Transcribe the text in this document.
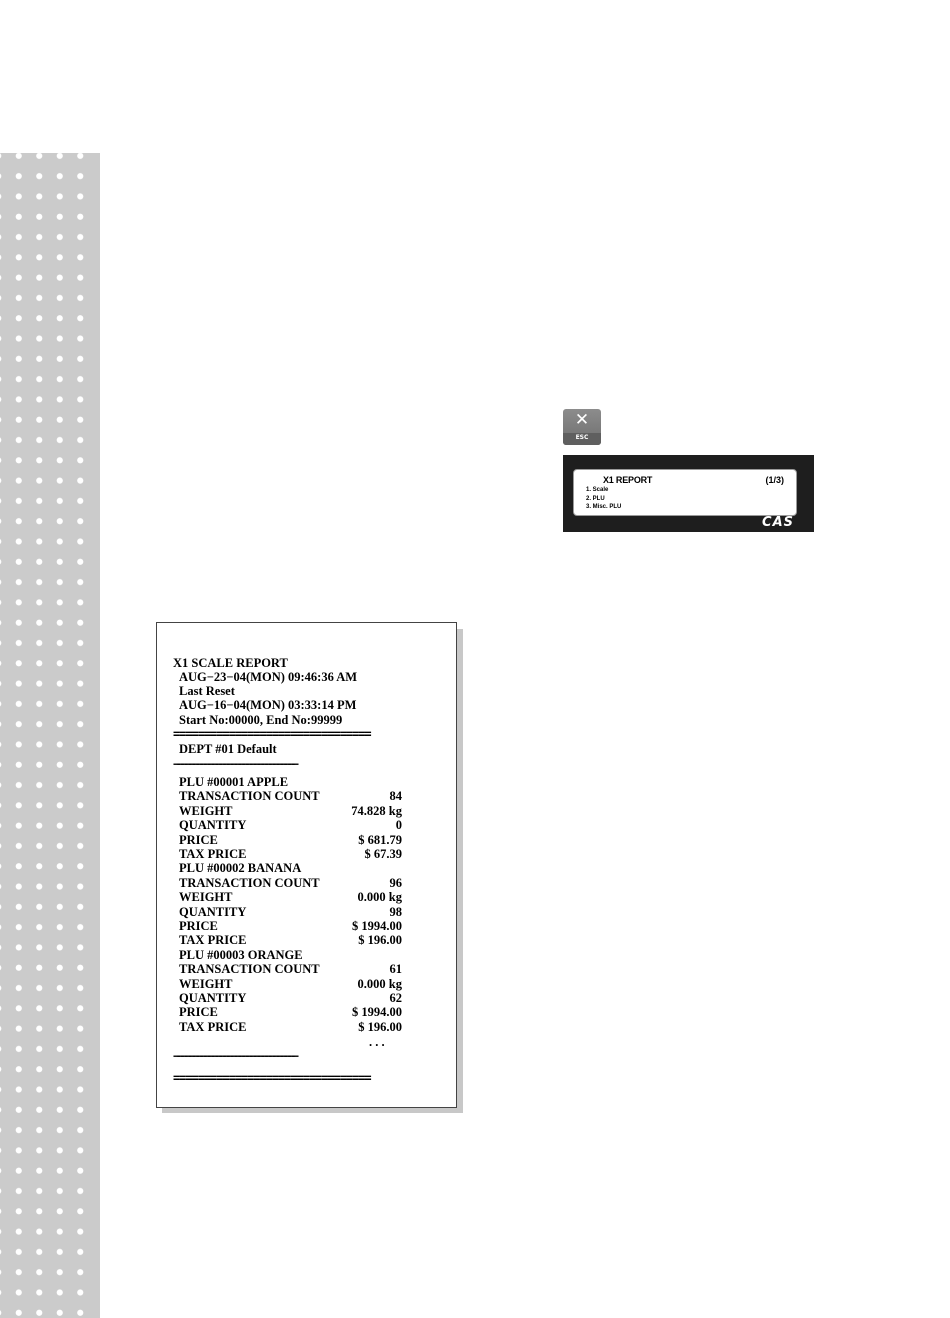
✕
ESC
X1 REPORT	(1/3)
1. Scale
2. PLU
3. Misc. PLU
CAS
X1 SCALE REPORT
AUG−23−04(MON) 09:46:36 AM
Last Reset
AUG−16−04(MON) 03:33:14 PM
Start No:00000, End No:99999
================================
DEPT #01 Default
−−−−−−−−−−−−−−−−−−−−−−−−−−−−−−−−
PLU #00001 APPLE
TRANSACTION COUNT	84
WEIGHT	74.828 kg
QUANTITY	0
PRICE	$ 681.79
TAX PRICE	$ 67.39
PLU #00002 BANANA
TRANSACTION COUNT	96
WEIGHT	0.000 kg
QUANTITY	98
PRICE	$ 1994.00
TAX PRICE	$ 196.00
PLU #00003 ORANGE
TRANSACTION COUNT	61
WEIGHT	0.000 kg
QUANTITY	62
PRICE	$ 1994.00
TAX PRICE	$ 196.00
. . .
−−−−−−−−−−−−−−−−−−−−−−−−−−−−−−−−
================================
